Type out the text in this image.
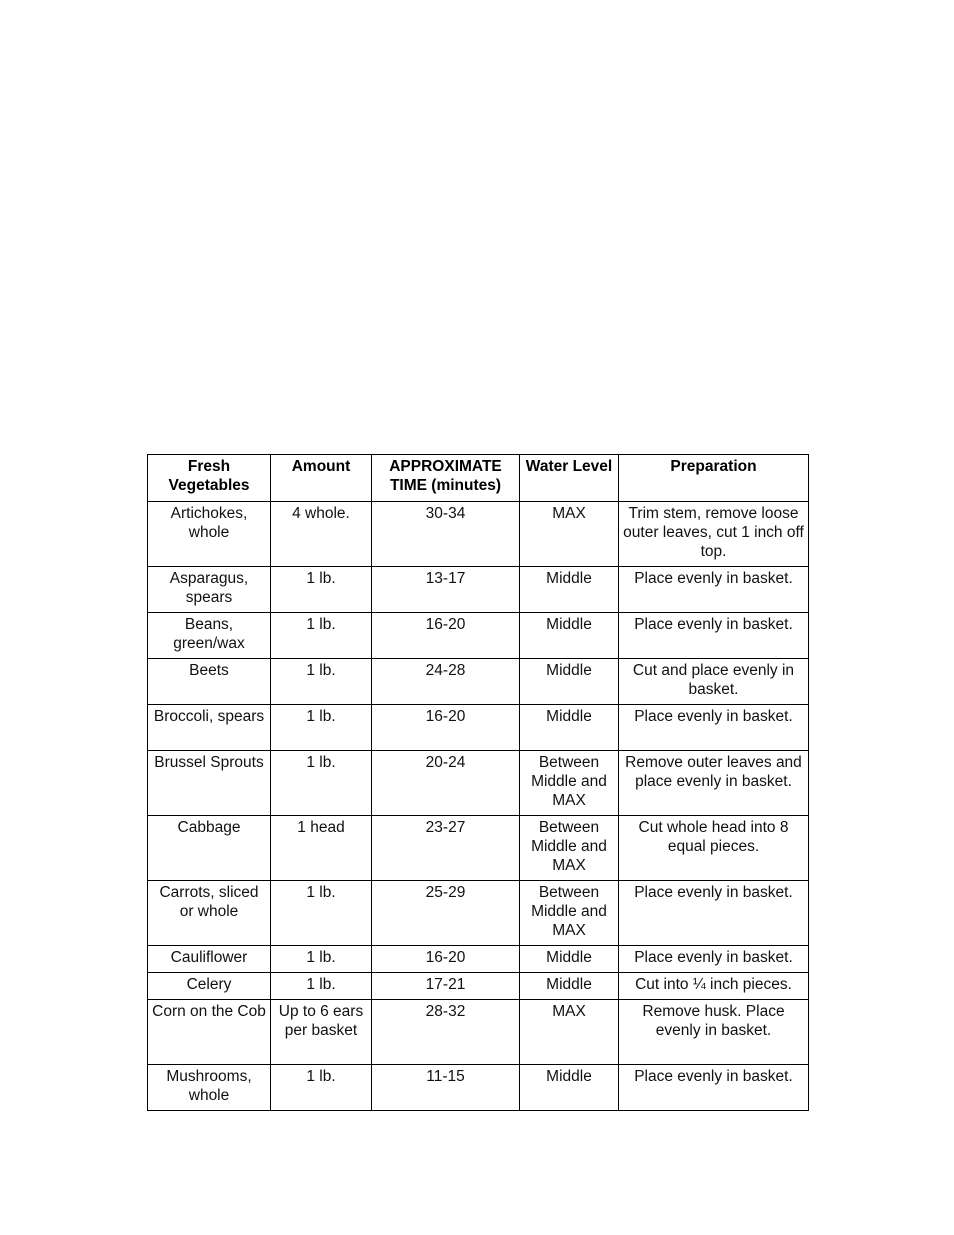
Fresh Vegetables	Amount	APPROXIMATE TIME (minutes)	Water Level	Preparation
Artichokes, whole	4 whole.	30-34	MAX	Trim stem, remove loose outer leaves, cut 1 inch off top.
Asparagus, spears	1 lb.	13-17	Middle	Place evenly in basket.
Beans, green/wax	1 lb.	16-20	Middle	Place evenly in basket.
Beets	1 lb.	24-28	Middle	Cut and place evenly in basket.
Broccoli, spears	1 lb.	16-20	Middle	Place evenly in basket.
Brussel Sprouts	1 lb.	20-24	Between Middle and MAX	Remove outer leaves and place evenly in basket.
Cabbage	1 head	23-27	Between Middle and MAX	Cut whole head into 8 equal pieces.
Carrots, sliced or whole	1 lb.	25-29	Between Middle and MAX	Place evenly in basket.
Cauliflower	1 lb.	16-20	Middle	Place evenly in basket.
Celery	1 lb.	17-21	Middle	Cut into ¼ inch pieces.
Corn on the Cob	Up to 6 ears per basket	28-32	MAX	Remove husk. Place evenly in basket.
Mushrooms, whole	1 lb.	11-15	Middle	Place evenly in basket.
